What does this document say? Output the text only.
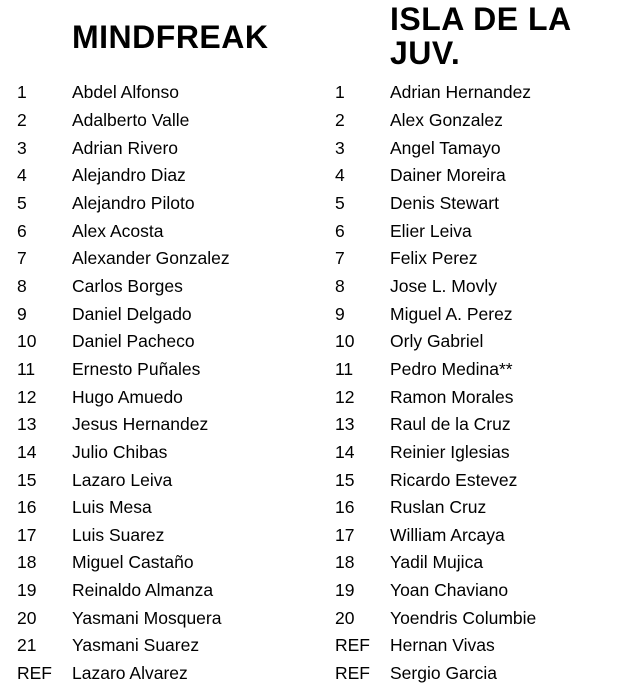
MINDFREAK
1	Abdel Alfonso
2	Adalberto Valle
3	Adrian Rivero
4	Alejandro Diaz
5	Alejandro Piloto
6	Alex Acosta
7	Alexander Gonzalez
8	Carlos Borges
9	Daniel Delgado
10	Daniel Pacheco
11	Ernesto Puñales
12	Hugo Amuedo
13	Jesus Hernandez
14	Julio Chibas
15	Lazaro Leiva
16	Luis Mesa
17	Luis Suarez
18	Miguel Castaño
19	Reinaldo Almanza
20	Yasmani Mosquera
21	Yasmani Suarez
REF	Lazaro Alvarez
ISLA DE LA JUV.
1	Adrian Hernandez
2	Alex Gonzalez
3	Angel Tamayo
4	Dainer Moreira
5	Denis Stewart
6	Elier Leiva
7	Felix Perez
8	Jose L. Movly
9	Miguel A. Perez
10	Orly Gabriel
11	Pedro Medina**
12	Ramon Morales
13	Raul de la Cruz
14	Reinier Iglesias
15	Ricardo Estevez
16	Ruslan Cruz
17	William Arcaya
18	Yadil Mujica
19	Yoan Chaviano
20	Yoendris Columbie
REF	Hernan Vivas
REF	Sergio Garcia
